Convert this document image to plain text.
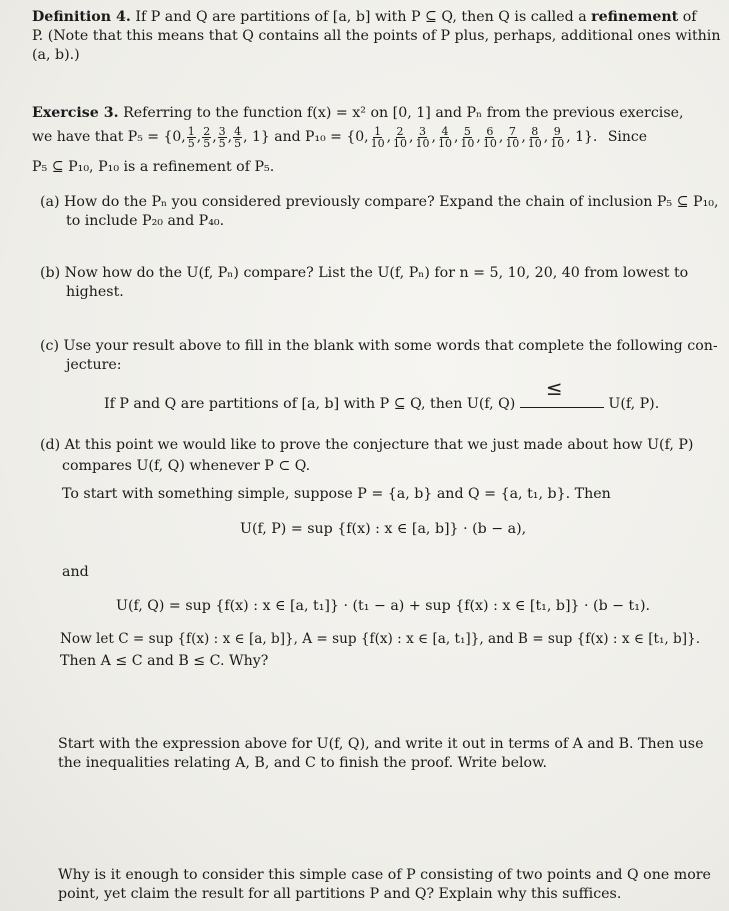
Definition 4. If P and Q are partitions of [a, b] with P ⊆ Q, then Q is called a refinement of
P. (Note that this means that Q contains all the points of P plus, perhaps, additional ones within
(a, b).)
Exercise 3. Referring to the function f(x) = x² on [0, 1] and Pₙ from the previous exercise,
we have that P₅ = {0, $\frac{1}{5}$ , $\frac{2}{5}$ , $\frac{3}{5}$ , $\frac{4}{5}$ , 1} and P₁₀ = {0, $\frac{1}{10}$ , $\frac{2}{10}$ , $\frac{3}{10}$ , $\frac{4}{10}$ , $\frac{5}{10}$ , $\frac{6}{10}$ , $\frac{7}{10}$ , $\frac{8}{10}$ , $\frac{9}{10}$ , 1}. Since
P₅ ⊆ P₁₀, P₁₀ is a refinement of P₅.
(a) How do the Pₙ you considered previously compare? Expand the chain of inclusion P₅ ⊆ P₁₀,
to include P₂₀ and P₄₀.
(b) Now how do the U(f, Pₙ) compare? List the U(f, Pₙ) for n = 5, 10, 20, 40 from lowest to
highest.
(c) Use your result above to fill in the blank with some words that complete the following con-
jecture:
If P and Q are partitions of [a, b] with P ⊆ Q, then U(f, Q)
≤
U(f, P).
(d) At this point we would like to prove the conjecture that we just made about how U(f, P)
compares U(f, Q) whenever P ⊂ Q.
To start with something simple, suppose P = {a, b} and Q = {a, t₁, b}. Then
U(f, P) = sup {f(x) : x ∈ [a, b]} · (b − a),
and
U(f, Q) = sup {f(x) : x ∈ [a, t₁]} · (t₁ − a) + sup {f(x) : x ∈ [t₁, b]} · (b − t₁).
Now let C = sup {f(x) : x ∈ [a, b]}, A = sup {f(x) : x ∈ [a, t₁]}, and B = sup {f(x) : x ∈ [t₁, b]}.
Then A ≤ C and B ≤ C. Why?
Start with the expression above for U(f, Q), and write it out in terms of A and B. Then use
the inequalities relating A, B, and C to finish the proof. Write below.
Why is it enough to consider this simple case of P consisting of two points and Q one more
point, yet claim the result for all partitions P and Q? Explain why this suffices.
